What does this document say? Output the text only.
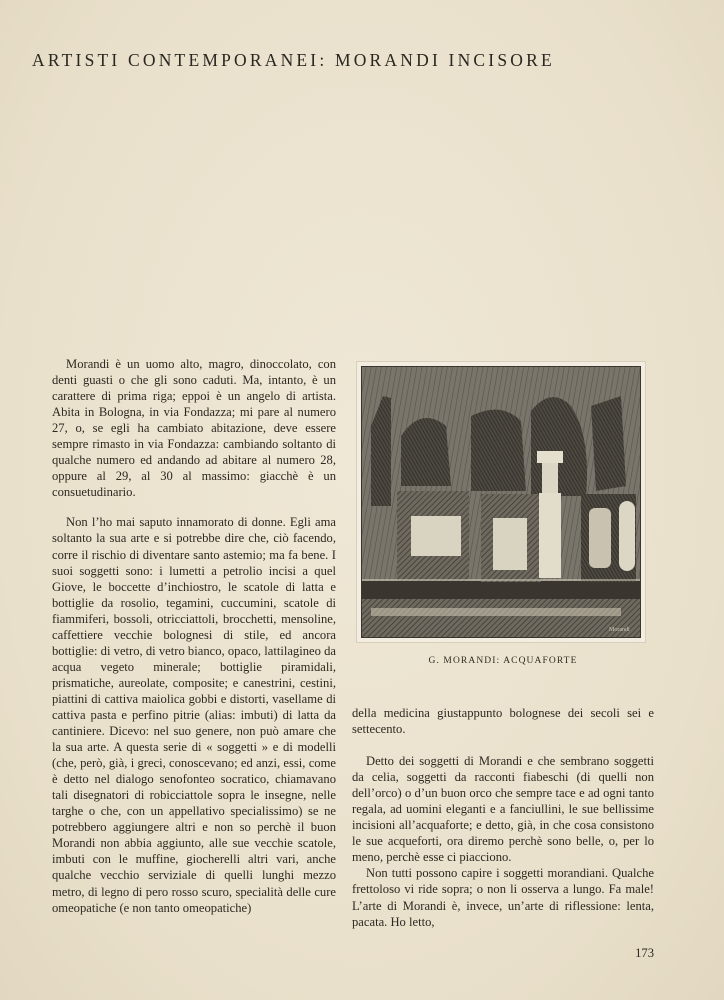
ARTISTI CONTEMPORANEI: MORANDI INCISORE

Morandi è un uomo alto, magro, dinoccolato, con denti guasti o che gli sono caduti. Ma, intanto, è un carattere di prima riga; eppoi è un angelo di artista. Abita in Bologna, in via Fondazza; mi pare al numero 27, o, se egli ha cambiato abitazione, deve essere sempre rimasto in via Fondazza: cambiando soltanto di qualche numero ed andando ad abitare al numero 28, oppure al 29, al 30 al massimo: giacchè è un consuetudinario.

Non l’ho mai saputo innamorato di donne. Egli ama soltanto la sua arte e si potrebbe dire che, ciò facendo, corre il rischio di diventare santo astemio; ma fa bene. I suoi soggetti sono: i lumetti a petrolio incisi a quel Giove, le boccette d’inchiostro, le scatole di latta e bottiglie da rosolio, tegamini, cuccumini, scatole di fiammiferi, bossoli, otricciattoli, brocchetti, mensoline, caffettiere vecchie bolognesi di stile, ed ancora bottiglie: di vetro, di vetro bianco, opaco, lattilagineo da acqua vegeto minerale; bottiglie piramidali, prismatiche, aureolate, composite; e canestrini, cestini, piattini di cattiva maiolica gobbi e distorti, vasellame di cattiva pasta e perfino pitrie (alias: imbuti) di latta da cantiniere. Dicevo: nel suo genere, non può amare che la sua arte. A questa serie di « soggetti » e di modelli (che, però, già, i greci, conoscevano; ed anzi, essi, come è detto nel dialogo senofonteo socratico, chiamavano tali disegnatori di robicciattole sopra le insegne, nelle targhe o che, con un appellativo specialissimo) se ne potrebbero aggiungere altri e non so perchè il buon Morandi non abbia aggiunto, alle sue vecchie scatole, imbuti con le muffine, giocherelli altri vari, anche qualche vecchio serviziale di quelli lunghi mezzo metro, di legno di pero rosso scuro, specialità delle cure omeopatiche (e non tanto omeopatiche)

Morandi
G. MORANDI: ACQUAFORTE

della medicina giustappunto bolognese dei secoli sei e settecento.

Detto dei soggetti di Morandi e che sembrano soggetti da celia, soggetti da racconti fiabeschi (di quelli non dell’orco) o d’un buon orco che sempre tace e ad ogni tanto regala, ad uomini eleganti e a fanciullini, le sue bellissime incisioni all’acquaforte; e detto, già, in che cosa consistono le sue acqueforti, ora diremo perchè sono belle, o, per lo meno, perchè esse ci piacciono.

Non tutti possono capire i soggetti morandiani. Qualche frettoloso vi ride sopra; o non li osserva a lungo. Fa male! L’arte di Morandi è, invece, un’arte di riflessione: lenta, pacata. Ho letto,

173
